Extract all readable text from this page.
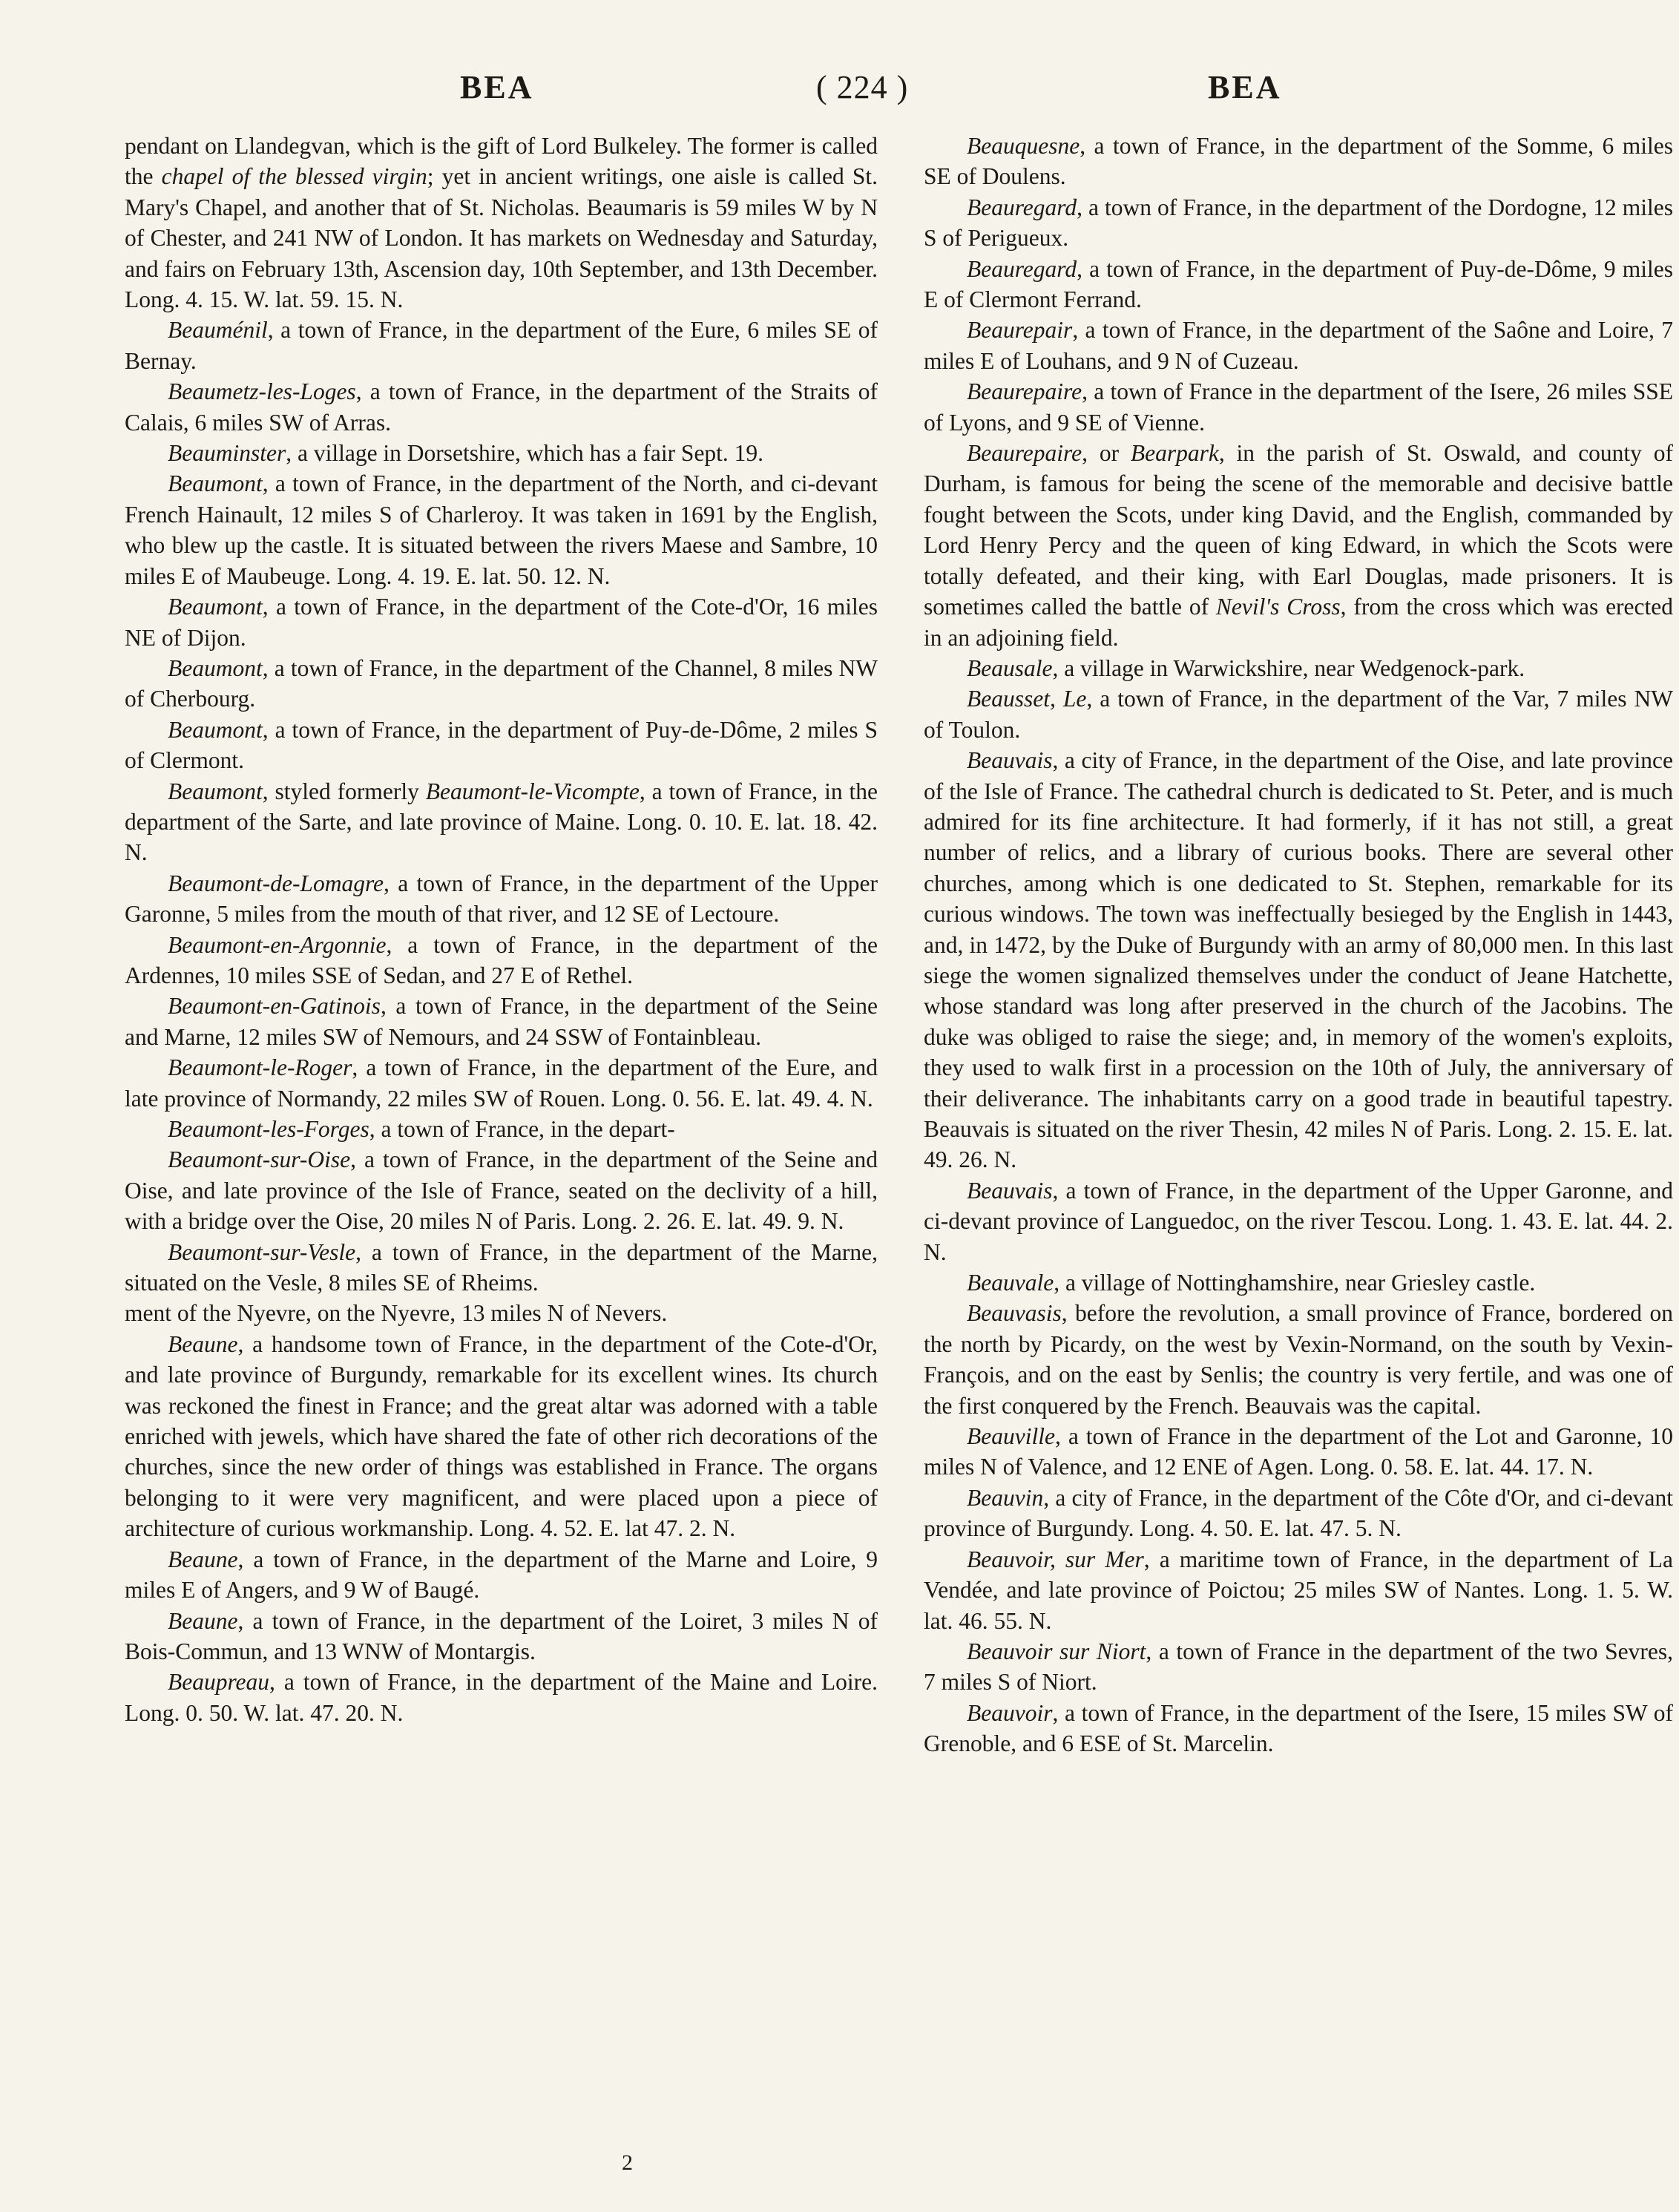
BEA	( 224 )	BEA

pendant on Llandegvan, which is the gift of Lord Bulkeley. The former is called the chapel of the blessed virgin; yet in ancient writings, one aisle is called St. Mary's Chapel, and another that of St. Nicholas. Beaumaris is 59 miles W by N of Chester, and 241 NW of London. It has markets on Wednesday and Saturday, and fairs on February 13th, Ascension day, 10th September, and 13th December. Long. 4. 15. W. lat. 59. 15. N.

Beauménil, a town of France, in the department of the Eure, 6 miles SE of Bernay.

Beaumetz-les-Loges, a town of France, in the department of the Straits of Calais, 6 miles SW of Arras.

Beauminster, a village in Dorsetshire, which has a fair Sept. 19.

Beaumont, a town of France, in the department of the North, and ci-devant French Hainault, 12 miles S of Charleroy. It was taken in 1691 by the English, who blew up the castle. It is situated between the rivers Maese and Sambre, 10 miles E of Maubeuge. Long. 4. 19. E. lat. 50. 12. N.

Beaumont, a town of France, in the department of the Cote-d'Or, 16 miles NE of Dijon.

Beaumont, a town of France, in the department of the Channel, 8 miles NW of Cherbourg.

Beaumont, a town of France, in the department of Puy-de-Dôme, 2 miles S of Clermont.

Beaumont, styled formerly Beaumont-le-Vicompte, a town of France, in the department of the Sarte, and late province of Maine. Long. 0. 10. E. lat. 18. 42. N.

Beaumont-de-Lomagre, a town of France, in the department of the Upper Garonne, 5 miles from the mouth of that river, and 12 SE of Lectoure.

Beaumont-en-Argonnie, a town of France, in the department of the Ardennes, 10 miles SSE of Sedan, and 27 E of Rethel.

Beaumont-en-Gatinois, a town of France, in the department of the Seine and Marne, 12 miles SW of Nemours, and 24 SSW of Fontainbleau.

Beaumont-le-Roger, a town of France, in the department of the Eure, and late province of Normandy, 22 miles SW of Rouen. Long. 0. 56. E. lat. 49. 4. N.

Beaumont-les-Forges, a town of France, in the depart-

Beaumont-sur-Oise, a town of France, in the department of the Seine and Oise, and late province of the Isle of France, seated on the declivity of a hill, with a bridge over the Oise, 20 miles N of Paris. Long. 2. 26. E. lat. 49. 9. N.

Beaumont-sur-Vesle, a town of France, in the department of the Marne, situated on the Vesle, 8 miles SE of Rheims.

ment of the Nyevre, on the Nyevre, 13 miles N of Nevers.

Beaune, a handsome town of France, in the department of the Cote-d'Or, and late province of Burgundy, remarkable for its excellent wines. Its church was reckoned the finest in France; and the great altar was adorned with a table enriched with jewels, which have shared the fate of other rich decorations of the churches, since the new order of things was established in France. The organs belonging to it were very magnificent, and were placed upon a piece of architecture of curious workmanship. Long. 4. 52. E. lat 47. 2. N.

Beaune, a town of France, in the department of the Marne and Loire, 9 miles E of Angers, and 9 W of Baugé.

Beaune, a town of France, in the department of the Loiret, 3 miles N of Bois-Commun, and 13 WNW of Montargis.

Beaupreau, a town of France, in the department of the Maine and Loire. Long. 0. 50. W. lat. 47. 20. N.

Beauquesne, a town of France, in the department of the Somme, 6 miles SE of Doulens.

Beauregard, a town of France, in the department of the Dordogne, 12 miles S of Perigueux.

Beauregard, a town of France, in the department of Puy-de-Dôme, 9 miles E of Clermont Ferrand.

Beaurepair, a town of France, in the department of the Saône and Loire, 7 miles E of Louhans, and 9 N of Cuzeau.

Beaurepaire, a town of France in the department of the Isere, 26 miles SSE of Lyons, and 9 SE of Vienne.

Beaurepaire, or Bearpark, in the parish of St. Oswald, and county of Durham, is famous for being the scene of the memorable and decisive battle fought between the Scots, under king David, and the English, commanded by Lord Henry Percy and the queen of king Edward, in which the Scots were totally defeated, and their king, with Earl Douglas, made prisoners. It is sometimes called the battle of Nevil's Cross, from the cross which was erected in an adjoining field.

Beausale, a village in Warwickshire, near Wedgenock-park.

Beausset, Le, a town of France, in the department of the Var, 7 miles NW of Toulon.

Beauvais, a city of France, in the department of the Oise, and late province of the Isle of France. The cathedral church is dedicated to St. Peter, and is much admired for its fine architecture. It had formerly, if it has not still, a great number of relics, and a library of curious books. There are several other churches, among which is one dedicated to St. Stephen, remarkable for its curious windows. The town was ineffectually besieged by the English in 1443, and, in 1472, by the Duke of Burgundy with an army of 80,000 men. In this last siege the women signalized themselves under the conduct of Jeane Hatchette, whose standard was long after preserved in the church of the Jacobins. The duke was obliged to raise the siege; and, in memory of the women's exploits, they used to walk first in a procession on the 10th of July, the anniversary of their deliverance. The inhabitants carry on a good trade in beautiful tapestry. Beauvais is situated on the river Thesin, 42 miles N of Paris. Long. 2. 15. E. lat. 49. 26. N.

Beauvais, a town of France, in the department of the Upper Garonne, and ci-devant province of Languedoc, on the river Tescou. Long. 1. 43. E. lat. 44. 2. N.

Beauvale, a village of Nottinghamshire, near Griesley castle.

Beauvasis, before the revolution, a small province of France, bordered on the north by Picardy, on the west by Vexin-Normand, on the south by Vexin-François, and on the east by Senlis; the country is very fertile, and was one of the first conquered by the French. Beauvais was the capital.

Beauville, a town of France in the department of the Lot and Garonne, 10 miles N of Valence, and 12 ENE of Agen. Long. 0. 58. E. lat. 44. 17. N.

Beauvin, a city of France, in the department of the Côte d'Or, and ci-devant province of Burgundy. Long. 4. 50. E. lat. 47. 5. N.

Beauvoir, sur Mer, a maritime town of France, in the department of La Vendée, and late province of Poictou; 25 miles SW of Nantes. Long. 1. 5. W. lat. 46. 55. N.

Beauvoir sur Niort, a town of France in the department of the two Sevres, 7 miles S of Niort.

Beauvoir, a town of France, in the department of the Isere, 15 miles SW of Grenoble, and 6 ESE of St. Marcelin.

2
